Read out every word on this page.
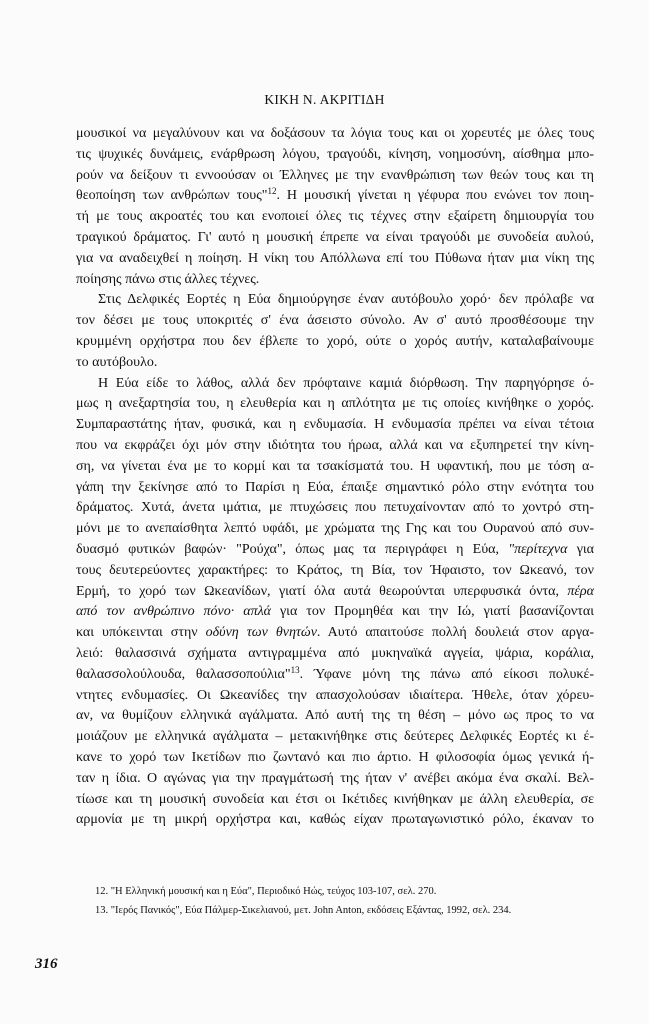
ΚΙΚΗ Ν. ΑΚΡΙΤΙΔΗ
μουσικοί να μεγαλύνουν και να δοξάσουν τα λόγια τους και οι χορευτές με όλες τους
τις ψυχικές δυνάμεις, ενάρθρωση λόγου, τραγούδι, κίνηση, νοημοσύνη, αίσθημα μπο-
ρούν να δείξουν τι εννοούσαν οι Έλληνες με την ενανθρώπιση των θεών τους και τη
θεοποίηση των ανθρώπων τους"$^{12}$. Η μουσική γίνεται η γέφυρα που ενώνει τον ποιη-
τή με τους ακροατές του και ενοποιεί όλες τις τέχνες στην εξαίρετη δημιουργία του
τραγικού δράματος. Γι' αυτό η μουσική έπρεπε να είναι τραγούδι με συνοδεία αυλού,
για να αναδειχθεί η ποίηση. Η νίκη του Απόλλωνα επί του Πύθωνα ήταν μια νίκη της
ποίησης πάνω στις άλλες τέχνες.
Στις Δελφικές Εορτές η Εύα δημιούργησε έναν αυτόβουλο χορό· δεν πρόλαβε να
τον δέσει με τους υποκριτές σ' ένα άσειστο σύνολο. Αν σ' αυτό προσθέσουμε την
κρυμμένη ορχήστρα που δεν έβλεπε το χορό, ούτε ο χορός αυτήν, καταλαβαίνουμε
το αυτόβουλο.
Η Εύα είδε το λάθος, αλλά δεν πρόφταινε καμιά διόρθωση. Την παρηγόρησε ό-
μως η ανεξαρτησία του, η ελευθερία και η απλότητα με τις οποίες κινήθηκε ο χορός.
Συμπαραστάτης ήταν, φυσικά, και η ενδυμασία. Η ενδυμασία πρέπει να είναι τέτοια
που να εκφράζει όχι μόν στην ιδιότητα του ήρωα, αλλά και να εξυπηρετεί την κίνη-
ση, να γίνεται ένα με το κορμί και τα τσακίσματά του. Η υφαντική, που με τόση α-
γάπη την ξεκίνησε από το Παρίσι η Εύα, έπαιξε σημαντικό ρόλο στην ενότητα του
δράματος. Χυτά, άνετα ιμάτια, με πτυχώσεις που πετυχαίνονταν από το χοντρό στη-
μόνι με το ανεπαίσθητα λεπτό υφάδι, με χρώματα της Γης και του Ουρανού από συν-
δυασμό φυτικών βαφών· "Ρούχα", όπως μας τα περιγράφει η Εύα, "περίτεχνα για
τους δευτερεύοντες χαρακτήρες: το Κράτος, τη Βία, τον Ήφαιστο, τον Ωκεανό, τον
Ερμή, το χορό των Ωκεανίδων, γιατί όλα αυτά θεωρούνται υπερφυσικά όντα, πέρα
από τον ανθρώπινο πόνο· απλά για τον Προμηθέα και την Ιώ, γιατί βασανίζονται
και υπόκεινται στην οδύνη των θνητών. Αυτό απαιτούσε πολλή δουλειά στον αργα-
λειό: θαλασσινά σχήματα αντιγραμμένα από μυκηναϊκά αγγεία, ψάρια, κοράλια,
θαλασσολούλουδα, θαλασσοπούλια"$^{13}$. Ύφανε μόνη της πάνω από είκοσι πολυκέ-
ντητες ενδυμασίες. Οι Ωκεανίδες την απασχολούσαν ιδιαίτερα. Ήθελε, όταν χόρευ-
αν, να θυμίζουν ελληνικά αγάλματα. Από αυτή της τη θέση – μόνο ως προς το να
μοιάζουν με ελληνικά αγάλματα – μετακινήθηκε στις δεύτερες Δελφικές Εορτές κι έ-
κανε το χορό των Ικετίδων πιο ζωντανό και πιο άρτιο. Η φιλοσοφία όμως γενικά ή-
ταν η ίδια. Ο αγώνας για την πραγμάτωσή της ήταν ν' ανέβει ακόμα ένα σκαλί. Βελ-
τίωσε και τη μουσική συνοδεία και έτσι οι Ικέτιδες κινήθηκαν με άλλη ελευθερία, σε
αρμονία με τη μικρή ορχήστρα και, καθώς είχαν πρωταγωνιστικό ρόλο, έκαναν το
12. "Η Ελληνική μουσική και η Εύα", Περιοδικό Ηώς, τεύχος 103-107, σελ. 270.
13. "Ιερός Πανικός", Εύα Πάλμερ-Σικελιανού, μετ. John Anton, εκδόσεις Εξάντας, 1992, σελ. 234.
316
